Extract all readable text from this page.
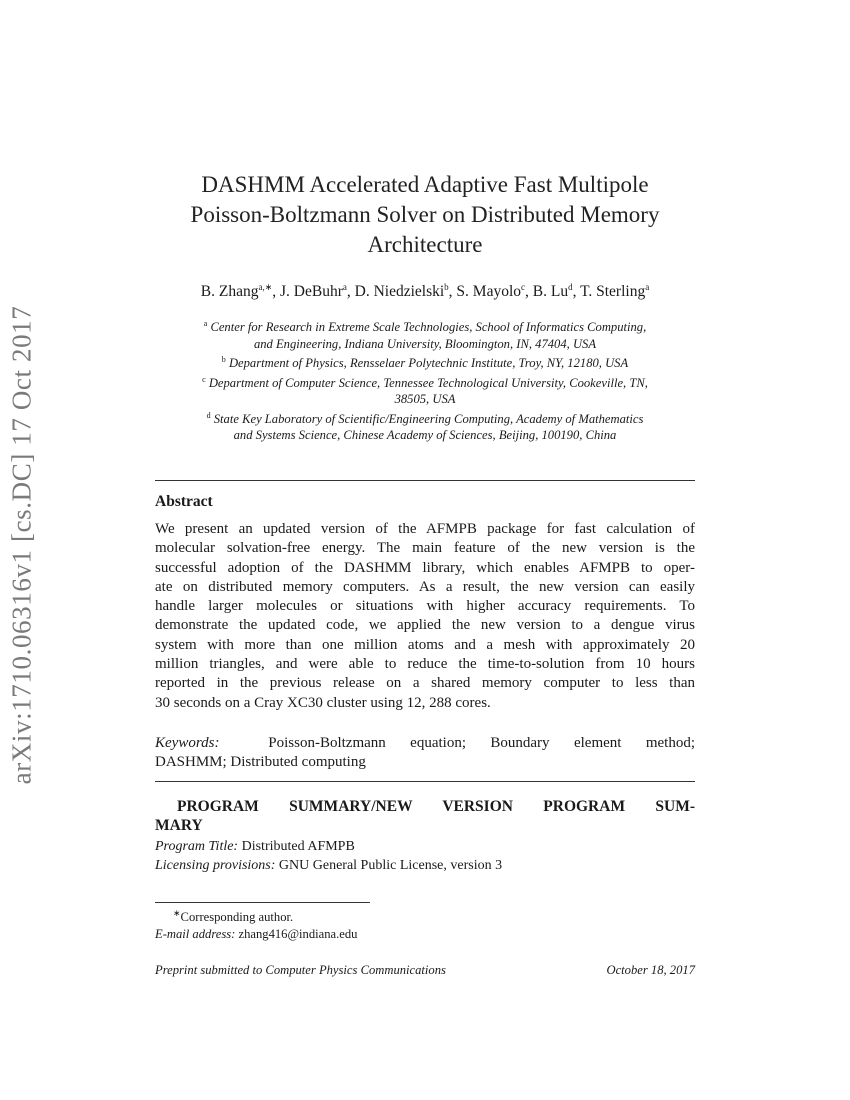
arXiv:1710.06316v1 [cs.DC] 17 Oct 2017
DASHMM Accelerated Adaptive Fast Multipole
Poisson-Boltzmann Solver on Distributed Memory
Architecture
B. Zhang$^{a,∗}$, J. DeBuhr$^a$, D. Niedzielski$^b$, S. Mayolo$^c$, B. Lu$^d$, T. Sterling$^a$
$^a$ Center for Research in Extreme Scale Technologies, School of Informatics Computing,
and Engineering, Indiana University, Bloomington, IN, 47404, USA
$^b$ Department of Physics, Rensselaer Polytechnic Institute, Troy, NY, 12180, USA
$^c$ Department of Computer Science, Tennessee Technological University, Cookeville, TN,
38505, USA
$^d$ State Key Laboratory of Scientific/Engineering Computing, Academy of Mathematics
and Systems Science, Chinese Academy of Sciences, Beijing, 100190, China
Abstract
We present an updated version of the AFMPB package for fast calculation of
molecular solvation-free energy. The main feature of the new version is the
successful adoption of the DASHMM library, which enables AFMPB to oper-
ate on distributed memory computers. As a result, the new version can easily
handle larger molecules or situations with higher accuracy requirements. To
demonstrate the updated code, we applied the new version to a dengue virus
system with more than one million atoms and a mesh with approximately 20
million triangles, and were able to reduce the time-to-solution from 10 hours
reported in the previous release on a shared memory computer to less than
30 seconds on a Cray XC30 cluster using 12, 288 cores.
Keywords:	Poisson-Boltzmann equation; Boundary element method;
DASHMM; Distributed computing
PROGRAM SUMMARY/NEW VERSION PROGRAM SUM-
MARY
Program Title: Distributed AFMPB
Licensing provisions: GNU General Public License, version 3
∗Corresponding author.
E-mail address: zhang416@indiana.edu
Preprint submitted to Computer Physics Communications	October 18, 2017
